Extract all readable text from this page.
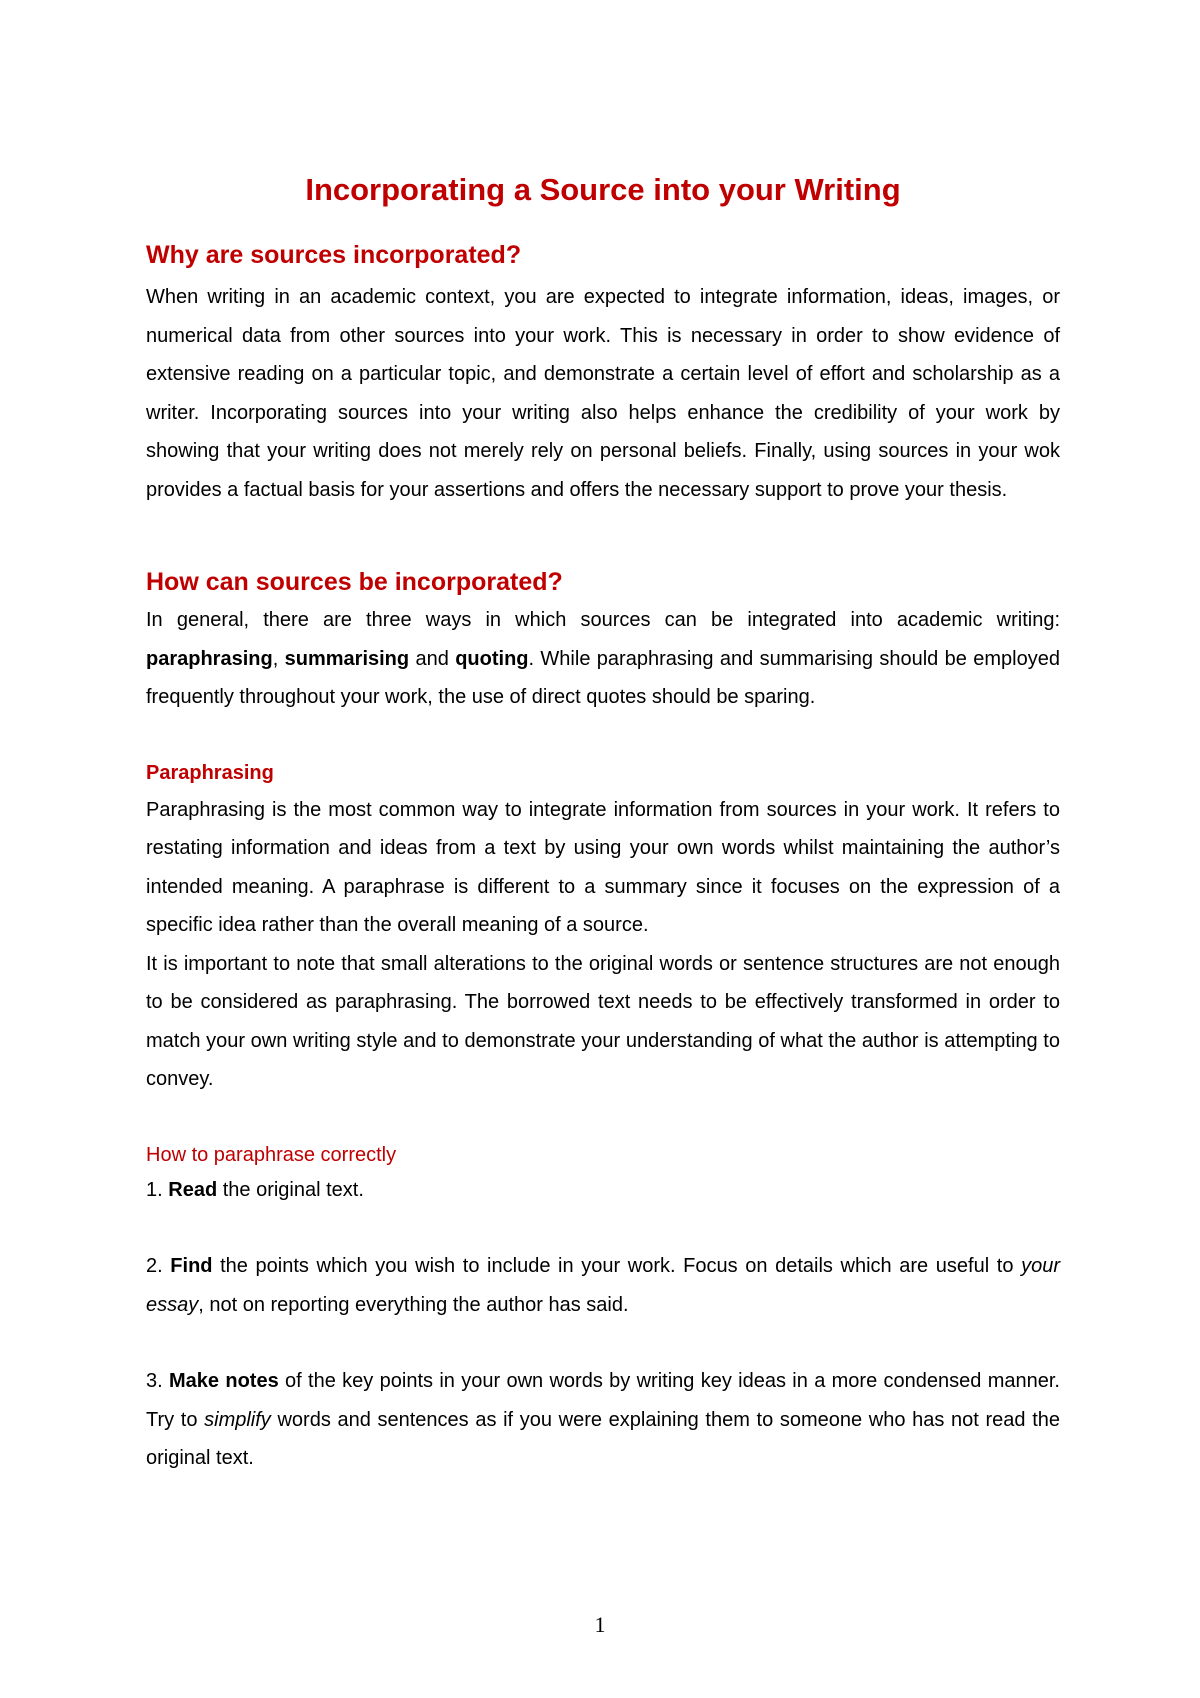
Incorporating a Source into your Writing
Why are sources incorporated?

When writing in an academic context, you are expected to integrate information, ideas, images, or numerical data from other sources into your work. This is necessary in order to show evidence of extensive reading on a particular topic, and demonstrate a certain level of effort and scholarship as a writer. Incorporating sources into your writing also helps enhance the credibility of your work by showing that your writing does not merely rely on personal beliefs. Finally, using sources in your wok provides a factual basis for your assertions and offers the necessary support to prove your thesis.

How can sources be incorporated?

In general, there are three ways in which sources can be integrated into academic writing: paraphrasing, summarising and quoting. While paraphrasing and summarising should be employed frequently throughout your work, the use of direct quotes should be sparing.

Paraphrasing

Paraphrasing is the most common way to integrate information from sources in your work. It refers to restating information and ideas from a text by using your own words whilst maintaining the author’s intended meaning. A paraphrase is different to a summary since it focuses on the expression of a specific idea rather than the overall meaning of a source.

It is important to note that small alterations to the original words or sentence structures are not enough to be considered as paraphrasing. The borrowed text needs to be effectively transformed in order to match your own writing style and to demonstrate your understanding of what the author is attempting to convey.

How to paraphrase correctly

1. Read the original text.

2. Find the points which you wish to include in your work. Focus on details which are useful to your essay, not on reporting everything the author has said.

3. Make notes of the key points in your own words by writing key ideas in a more condensed manner. Try to simplify words and sentences as if you were explaining them to someone who has not read the original text.

1
